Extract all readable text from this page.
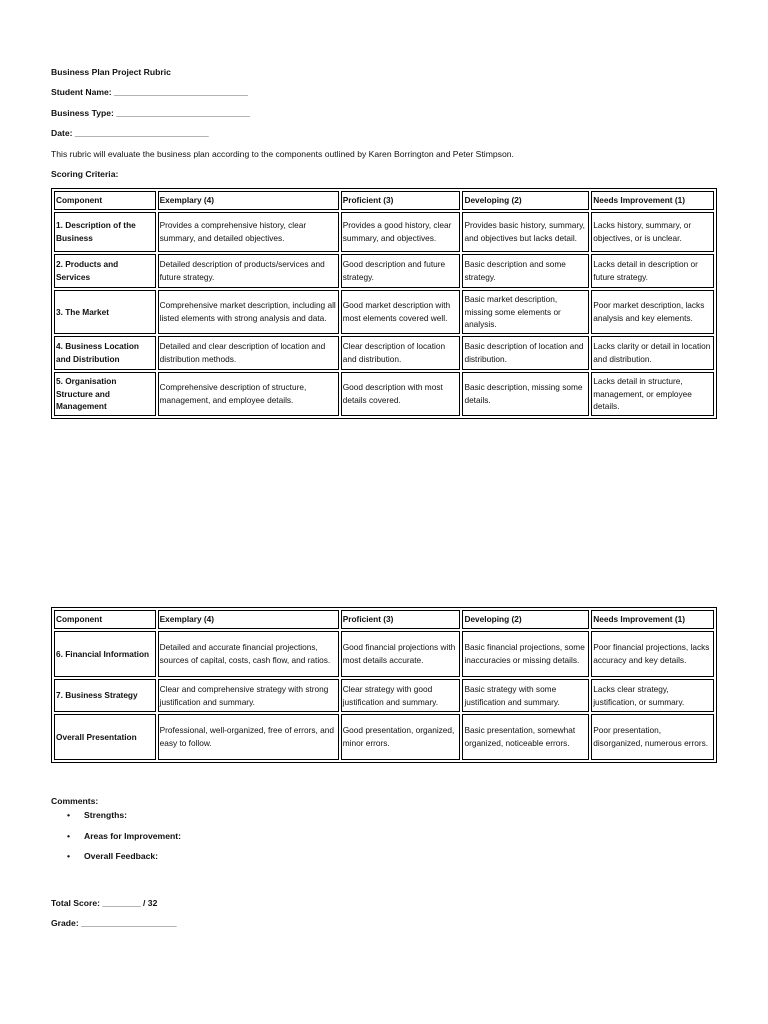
Business Plan Project Rubric
Student Name: ____________________________
Business Type: ____________________________
Date: ____________________________
This rubric will evaluate the business plan according to the components outlined by Karen Borrington and Peter Stimpson.
Scoring Criteria:
Component	Exemplary (4)	Proficient (3)	Developing (2)	Needs Improvement (1)
1. Description of the Business	Provides a comprehensive history, clear summary, and detailed objectives.	Provides a good history, clear summary, and objectives.	Provides basic history, summary, and objectives but lacks detail.	Lacks history, summary, or objectives, or is unclear.
2. Products and Services	Detailed description of products/services and future strategy.	Good description and future strategy.	Basic description and some strategy.	Lacks detail in description or future strategy.
3. The Market	Comprehensive market description, including all listed elements with strong analysis and data.	Good market description with most elements covered well.	Basic market description, missing some elements or analysis.	Poor market description, lacks analysis and key elements.
4. Business Location and Distribution	Detailed and clear description of location and distribution methods.	Clear description of location and distribution.	Basic description of location and distribution.	Lacks clarity or detail in location and distribution.
5. Organisation Structure and Management	Comprehensive description of structure, management, and employee details.	Good description with most details covered.	Basic description, missing some details.	Lacks detail in structure, management, or employee details.
Component	Exemplary (4)	Proficient (3)	Developing (2)	Needs Improvement (1)
6. Financial Information	Detailed and accurate financial projections, sources of capital, costs, cash flow, and ratios.	Good financial projections with most details accurate.	Basic financial projections, some inaccuracies or missing details.	Poor financial projections, lacks accuracy and key details.
7. Business Strategy	Clear and comprehensive strategy with strong justification and summary.	Clear strategy with good justification and summary.	Basic strategy with some justification and summary.	Lacks clear strategy, justification, or summary.
Overall Presentation	Professional, well-organized, free of errors, and easy to follow.	Good presentation, organized, minor errors.	Basic presentation, somewhat organized, noticeable errors.	Poor presentation, disorganized, numerous errors.
Comments:
• Strengths:
• Areas for Improvement:
• Overall Feedback:
Total Score: ________ / 32
Grade: ____________________
